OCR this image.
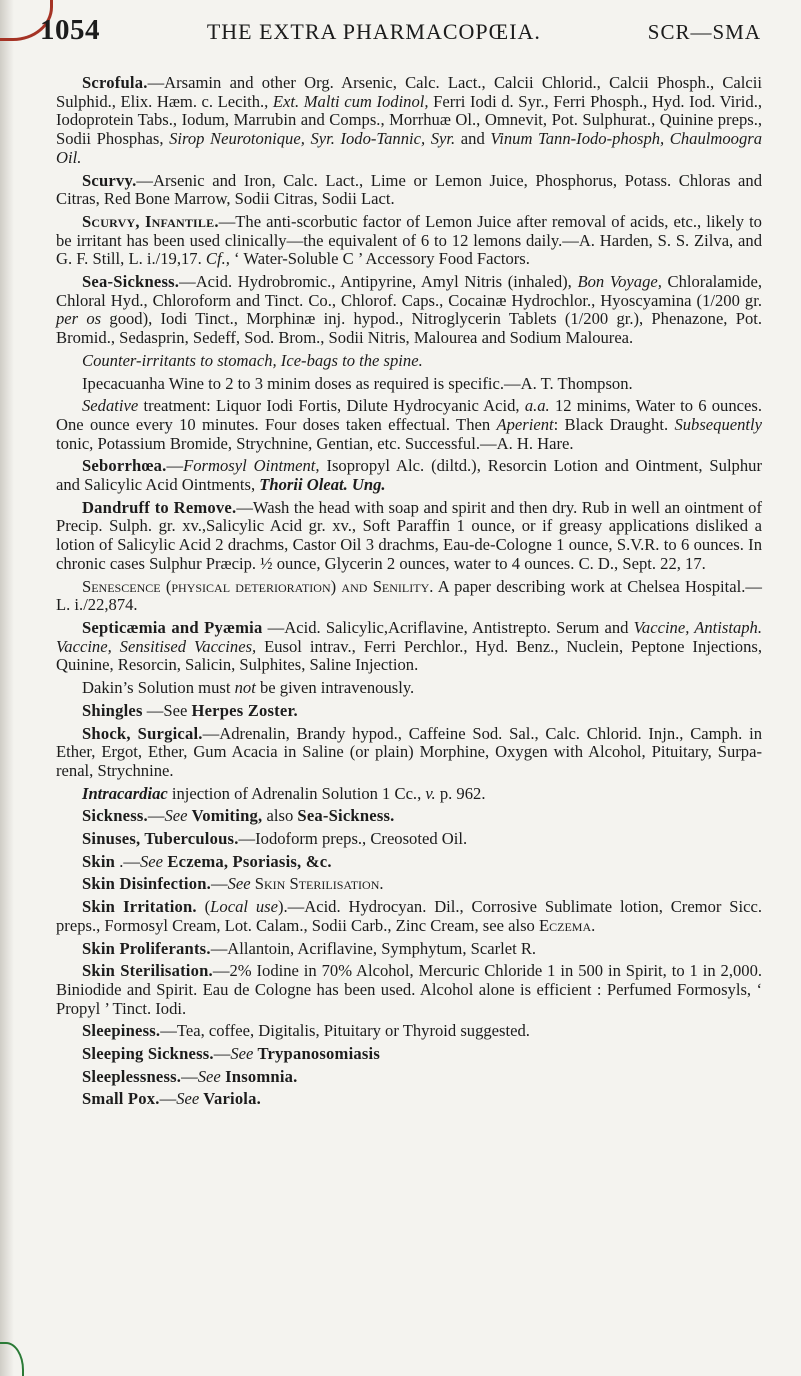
1054	THE EXTRA PHARMACOPŒIA.	SCR—SMA

Scrofula.—Arsamin and other Org. Arsenic, Calc. Lact., Calcii Chlorid., Calcii Phosph., Calcii Sulphid., Elix. Hæm. c. Lecith., Ext. Malti cum Iodinol, Ferri Iodi d. Syr., Ferri Phosph., Hyd. Iod. Virid., Iodoprotein Tabs., Iodum, Marrubin and Comps., Morrhuæ Ol., Omnevit, Pot. Sulphurat., Quinine preps., Sodii Phosphas, Sirop Neurotonique, Syr. Iodo-Tannic, Syr. and Vinum Tann-Iodo-phosph, Chaulmoogra Oil.

Scurvy.—Arsenic and Iron, Calc. Lact., Lime or Lemon Juice, Phosphorus, Potass. Chloras and Citras, Red Bone Marrow, Sodii Citras, Sodii Lact.

Scurvy, Infantile.—The anti-scorbutic factor of Lemon Juice after removal of acids, etc., likely to be irritant has been used clinically—the equivalent of 6 to 12 lemons daily.—A. Harden, S. S. Zilva, and G. F. Still, L. i./19,17. Cf., ‘ Water-Soluble C ’ Accessory Food Factors.

Sea-Sickness.—Acid. Hydrobromic., Antipyrine, Amyl Nitris (inhaled), Bon Voyage, Chloralamide, Chloral Hyd., Chloroform and Tinct. Co., Chlorof. Caps., Cocainæ Hydrochlor., Hyoscyamina (1/200 gr. per os good), Iodi Tinct., Morphinæ inj. hypod., Nitroglycerin Tablets (1/200 gr.), Phenazone, Pot. Bromid., Sedasprin, Sedeff, Sod. Brom., Sodii Nitris, Malourea and Sodium Malourea.

Counter-irritants to stomach, Ice-bags to the spine.

Ipecacuanha Wine to 2 to 3 minim doses as required is specific.—A. T. Thompson.

Sedative treatment: Liquor Iodi Fortis, Dilute Hydrocyanic Acid, a.a. 12 minims, Water to 6 ounces. One ounce every 10 minutes. Four doses taken effectual. Then Aperient: Black Draught. Subsequently tonic, Potassium Bromide, Strychnine, Gentian, etc. Successful.—A. H. Hare.

Seborrhœa.—Formosyl Ointment, Isopropyl Alc. (diltd.), Resorcin Lotion and Ointment, Sulphur and Salicylic Acid Ointments, Thorii Oleat. Ung.

Dandruff to Remove.—Wash the head with soap and spirit and then dry. Rub in well an ointment of Precip. Sulph. gr. xv.,Salicylic Acid gr. xv., Soft Paraffin 1 ounce, or if greasy applications disliked a lotion of Salicylic Acid 2 drachms, Castor Oil 3 drachms, Eau-de-Cologne 1 ounce, S.V.R. to 6 ounces. In chronic cases Sulphur Præcip. ½ ounce, Glycerin 2 ounces, water to 4 ounces. C. D., Sept. 22, 17.

Senescence (physical deterioration) and Senility. A paper describing work at Chelsea Hospital.—L. i./22,874.

Septicæmia and Pyæmia —Acid. Salicylic,Acriflavine, Antistrepto. Serum and Vaccine, Antistaph. Vaccine, Sensitised Vaccines, Eusol intrav., Ferri Perchlor., Hyd. Benz., Nuclein, Peptone Injections, Quinine, Resorcin, Salicin, Sulphites, Saline Injection.

Dakin’s Solution must not be given intravenously.

Shingles —See Herpes Zoster.

Shock, Surgical.—Adrenalin, Brandy hypod., Caffeine Sod. Sal., Calc. Chlorid. Injn., Camph. in Ether, Ergot, Ether, Gum Acacia in Saline (or plain) Morphine, Oxygen with Alcohol, Pituitary, Surpa-renal, Strychnine.

Intracardiac injection of Adrenalin Solution 1 Cc., v. p. 962.

Sickness.—See Vomiting, also Sea-Sickness.

Sinuses, Tuberculous.—Iodoform preps., Creosoted Oil.

Skin .—See Eczema, Psoriasis, &c.

Skin Disinfection.—See Skin Sterilisation.

Skin Irritation. (Local use).—Acid. Hydrocyan. Dil., Corrosive Sublimate lotion, Cremor Sicc. preps., Formosyl Cream, Lot. Calam., Sodii Carb., Zinc Cream, see also Eczema.

Skin Proliferants.—Allantoin, Acriflavine, Symphytum, Scarlet R.

Skin Sterilisation.—2% Iodine in 70% Alcohol, Mercuric Chloride 1 in 500 in Spirit, to 1 in 2,000. Biniodide and Spirit. Eau de Cologne has been used. Alcohol alone is efficient : Perfumed Formosyls, ‘ Propyl ’ Tinct. Iodi.

Sleepiness.—Tea, coffee, Digitalis, Pituitary or Thyroid suggested.

Sleeping Sickness.—See Trypanosomiasis

Sleeplessness.—See Insomnia.

Small Pox.—See Variola.
